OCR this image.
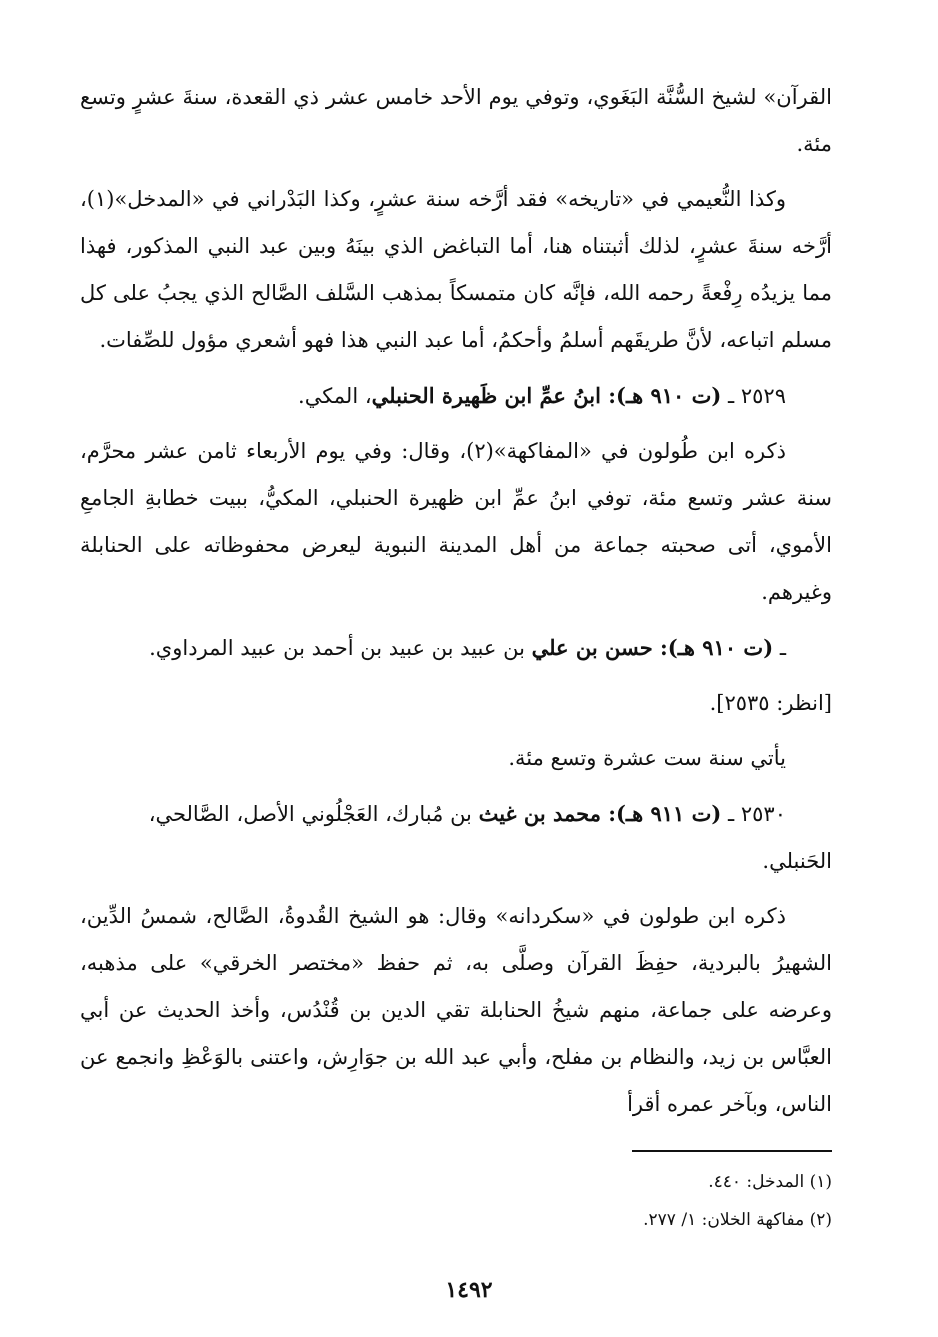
القرآن» لشيخ السُّنَّة البَغَوي، وتوفي يوم الأحد خامس عشر ذي القعدة، سنةَ عشرٍ وتسع مئة.

وكذا النُّعيمي في «تاريخه» فقد أرَّخه سنة عشرٍ، وكذا البَدْراني في «المدخل»(١)، أرَّخه سنةَ عشرٍ، لذلك أثبتناه هنا، أما التباغض الذي بينَهُ وبين عبد النبي المذكور، فهذا مما يزيدُه رِفْعةً رحمه الله، فإنَّه كان متمسكاً بمذهب السَّلف الصَّالح الذي يجبُ على كل مسلم اتباعه، لأنَّ طريقَهم أسلمُ وأحكمُ، أما عبد النبي هذا فهو أشعري مؤول للصِّفات.

٢٥٢٩ ـ (ت ٩١٠ هـ): ابنُ عمِّ ابن ظَهيرة الحنبلي، المكي.

ذكره ابن طُولون في «المفاكهة»(٢)، وقال: وفي يوم الأربعاء ثامن عشر محرَّم، سنة عشر وتسع مئة، توفي ابنُ عمِّ ابن ظهيرة الحنبلي، المكيُّ، ببيت خطابةِ الجامعِ الأموي، أتى صحبته جماعة من أهل المدينة النبوية ليعرض محفوظاته على الحنابلة وغيرهم.

ـ (ت ٩١٠ هـ): حسن بن علي بن عبيد بن عبيد بن أحمد بن عبيد المرداوي.

[انظر: ٢٥٣٥].

يأتي سنة ست عشرة وتسع مئة.

٢٥٣٠ ـ (ت ٩١١ هـ): محمد بن غيث بن مُبارك، العَجْلُوني الأصل، الصَّالحي، الحَنبلي.

ذكره ابن طولون في «سكردانه» وقال: هو الشيخ القُدوةُ، الصَّالح، شمسُ الدِّين، الشهيرُ بالبردية، حفِظَ القرآن وصلَّى به، ثم حفظ «مختصر الخرقي» على مذهبه، وعرضه على جماعة، منهم شيخُ الحنابلة تقي الدين بن قُنْدُس، وأخذ الحديث عن أبي العبَّاس بن زيد، والنظام بن مفلح، وأبي عبد الله بن جوَارِش، واعتنى بالوَعْظِ وانجمع عن الناس، وبآخر عمره أقرأ

(١) المدخل: ٤٤٠.

(٢) مفاكهة الخلان: ١/ ٢٧٧.

١٤٩٢
